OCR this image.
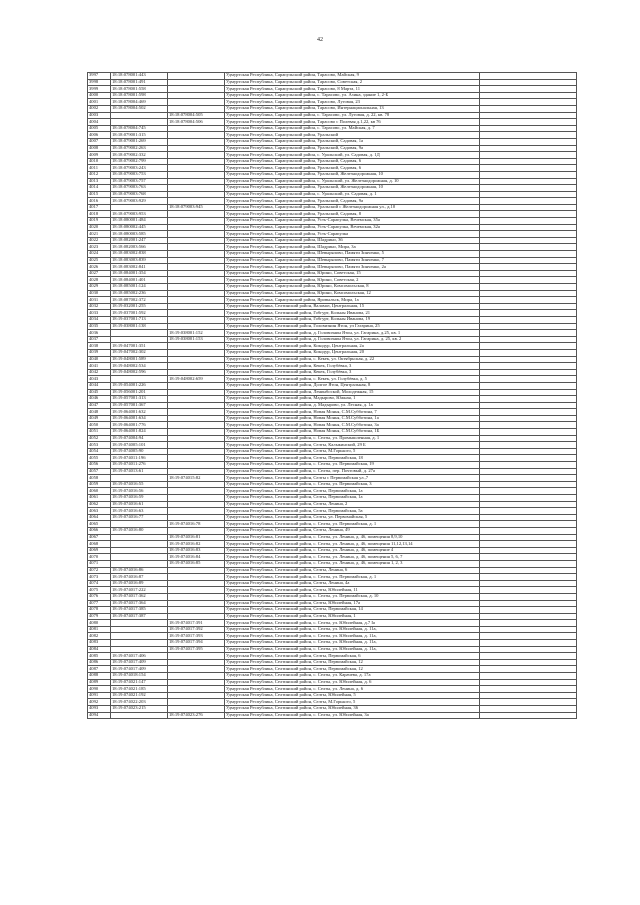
42
3997	18:18:078001:443		Удмуртская Республика, Сарапульский район, Тарасово, Майская, 9	
3998	18:18:078001:491		Удмуртская Республика, Сарапульский район, Тарасово, Советская, 2	
3999	18:18:078001:558		Удмуртская Республика, Сарапульский район, Тарасово, 8 Марта, 11	
4000	18:18:078001:598		Удмуртская Республика, Сарапульский район, с. Тарасово, ул. Азина, здание 1, 2-Б	
4001	18:18:078004:469		Удмуртская Республика, Сарапульский район, Тарасово, Луговая, 23	
4002	18:18:078004:502		Удмуртская Республика, Сарапульский район, Тарасово, Интернациональная, 13	
4003		18:18:078004:505	Удмуртская Республика, Сарапульский район, с. Тарасово, ул. Луговая, д. 22, кв. 78	
4004		18:18:078004:506	Удмуртская Республика, Сарапульский район, Тарасово с Полевая д.1,22, кв 76	
4005	18:18:078004:745		Удмуртская Республика, Сарапульский район, с. Тарасово, ул. Майская, д. 7	
4006	18:18:079001:315		Удмуртская Республика, Сарапульский район, Уральский	
4007	18:18:079001:269		Удмуртская Республика, Сарапульский район, Уральский, Садовая, 1а	
4008	18:18:079002:263		Удмуртская Республика, Сарапульский район, Уральский, Садовая, 9а	
4009	18:18:079002:332		Удмуртская Республика, Сарапульский район, с. Уральский, ул. Садовая, д. 1Д	
4010	18:18:079002:799		Удмуртская Республика, Сарапульский район, Уральский, Садовая, 6	
4011	18:18:079003:243		Удмуртская Республика, Сарапульский район, Уральский, Садовая, 6	
4012	18:18:079003:753		Удмуртская Республика, Сарапульский район, Уральский, Железнодорожная, 10	
4013	18:18:079003:757		Удмуртская Республика, Сарапульский район, с. Уральский, ул. Железнодорожная, д. 10	
4014	18:18:079003:763		Удмуртская Республика, Сарапульский район, Уральский, Железнодорожная, 10	
4015	18:18:079003:768		Удмуртская Республика, Сарапульский район, с. Уральский, ул. Садовая, д. 1	
4016	18:18:079003:929		Удмуртская Республика, Сарапульский район, Уральский, Садовая, 9а	
4017		18:18:079003:945	Удмуртская Республика, Сарапульский район, Уральский с Железнодорожная ул., д.10	
4018	18:18:079003:953		Удмуртская Республика, Сарапульский район, Уральский, Садовая, 8	
4019	18:18:080001:484		Удмуртская Республика, Сарапульский район, Усть-Сарапулка, Вечемская, 35а	
4020	18:18:080002:445		Удмуртская Республика, Сарапульский район, Усть-Сарапулка, Вечемская, 32а	
4021	18:18:080003:585		Удмуртская Республика, Сарапульский район, Усть-Сарапулка	
4022	18:18:082001:247		Удмуртская Республика, Сарапульский район, Шадрино, 36	
4023	18:18:082003:566		Удмуртская Республика, Сарапульский район, Шадрино, Мира, 3а	
4024	18:18:083002:838		Удмуртская Республика, Сарапульский район, Шевырялово, Памяти Зинченко, 5	
4025	18:18:083003:839		Удмуртская Республика, Сарапульский район, Шевырялово, Памяти Зинченко, 7	
4026	18:18:083002:841		Удмуртская Республика, Сарапульский район, Шевырялово, Памяти Зинченко, 2а	
4027	18:18:084001:354		Удмуртская Республика, Сарапульский район, Юрино, Советская, 15	
4028	18:18:084001:401		Удмуртская Республика, Сарапульский район, Юрино, Советская, 2	
4029	18:18:085001:124		Удмуртская Республика, Сарапульский район, Юрино, Комсомольская, 8	
4030	18:18:085002:236		Удмуртская Республика, Сарапульский район, Юрино, Комсомольская, 12	
4031	18:18:087002:372		Удмуртская Республика, Сарапульский район, Яровыльск, Мира, 1а	
4032	18:19:032001:255		Удмуртская Республика, Селтинский район, Валамаз, Центральная, 15	
4033	18:19:037001:592		Удмуртская Республика, Селтинский район, Гобгурт, Кольны Иванова, 21	
4034	18:19:037001:713		Удмуртская Республика, Селтинский район, Гобгурт, Кольны Иванова, 19	
4035	18:19:038001:138		Удмуртская Республика, Селтинский район, Головизнин Ятон, ул Гагарина, 25	
4036		18:19:038001:152	Удмуртская Республика, Селтинский район, д. Головизнин Ятон, ул. Гагарина, д.25, кв. 1	
4037		18:19:038001:153	Удмуртская Республика, Селтинский район, д. Головизнин Ятон, ул. Гагарина, д. 25, кв. 2	
4038	18:19:047001:351		Удмуртская Республика, Селтинский район, Кокодур, Центральная, 2а	
4039	18:19:047002:302		Удмуртская Республика, Селтинский район, Кокодур, Центральная, 20	
4040	18:19:048001:589		Удмуртская Республика, Селтинский район, с. Кекек, ул. Октябрьская, д. 22	
4041	18:19:048002:534		Удмуртская Республика, Селтинский район, Кекек, Голубёвка, 3	
4042	18:19:048002:596		Удмуртская Республика, Селтинский район, Кекек, Голубёвка, 3	
4043		18:19:048002:659	Удмуртская Республика, Селтинский район, с. Кекек, ул. Голубёвка, д. 5	
4044	18:19:054001:226		Удмуртская Республика, Селтинский район, Долгое Ятон, Центральная, 8	
4045	18:19:056001:201		Удмуртская Республика, Селтинский район, Ленинбоской, Молодежная, 15	
4046	18:19:057001:313		Удмуртская Республика, Селтинский район, Мадырово, Южная, 1	
4047	18:19:057001:367		Удмуртская Республика, Селтинский район, д. Мадырово, ул. Лесная, д. 1а	
4048	18:19:064001:632		Удмуртская Республика, Селтинский район, Новая Монья, С.М.Субботина, 7	
4049	18:19:064001:634		Удмуртская Республика, Селтинский район, Новая Монья, С.М.Субботина, 1а	
4050	18:19:064001:776		Удмуртская Республика, Селтинский район, Новая Монья, С.М.Субботина, 3а	
4051	18:19:064001:824		Удмуртская Республика, Селтинский район, Новая Монья, С.М.Субботина, 1Б	
4052	18:19:074004:94		Удмуртская Республика, Селтинский район, с. Селты, ул. Промышленная, д. 1	
4053	18:19:074005:101		Удмуртская Республика, Селтинский район, Селты, Калыкинский, 29 Б	
4054	18:19:074005:90		Удмуртская Республика, Селтинский район, Селты, М.Горького, 5	
4055	18:19:074011:196		Удмуртская Республика, Селтинский район, Селты, Первомайская, 18	
4056	18:19:074011:276		Удмуртская Республика, Селтинский район, с. Селты, ул. Первомайская, 19	
4057	18:19:074013:61		Удмуртская Республика, Селтинский район, с. Селты, пер. Почтовый, д. 27а	
4058		18:19:074015:82	Удмуртская Республика, Селтинский район, Селты с Первомайская ул.,7	
4059	18:19:074016:55		Удмуртская Республика, Селтинский район, с. Селты, ул. Первомайская, 3	
4060	18:19:074016:56		Удмуртская Республика, Селтинский район, Селты, Первомайская, 1а	
4061	18:19:074016:59		Удмуртская Республика, Селтинский район, Селты, Первомайская, 1а	
4062	18:19:074016:61		Удмуртская Республика, Селтинский район, Селты, Ленина, 2	
4063	18:19:074016:63		Удмуртская Республика, Селтинский район, Селты, Первомайская, 5а	
4064	18:19:074016:77		Удмуртская Республика, Селтинский район, Селты, ул. Первомайская, 5	
4065		18:19:074016:78	Удмуртская Республика, Селтинский район, с. Селты, ул. Первомайская, д. 1	
4066	18:19:074016:80		Удмуртская Республика, Селтинский район, Селты, Ленина, 49	
4067		18:19:074016:81	Удмуртская Республика, Селтинский район, с. Селты, ул. Ленина, д. 46, помещения 8,9,10	
4068		18:19:074016:82	Удмуртская Республика, Селтинский район, с. Селты, ул. Ленина, д. 46, помещения 11,12,13,14	
4069		18:19:074016:83	Удмуртская Республика, Селтинский район, с. Селты, ул. Ленина, д. 46, помещение 4	
4070		18:19:074016:84	Удмуртская Республика, Селтинский район, с. Селты, ул. Ленина, д. 46, помещения 5, 6, 7	
4071		18:19:074016:85	Удмуртская Республика, Селтинский район, с. Селты, ул. Ленина, д. 46, помещения 1, 2, 3	
4072	18:19:074016:86		Удмуртская Республика, Селтинский район, Селты, Ленина, 6	
4073	18:19:074016:87		Удмуртская Республика, Селтинский район, с. Селты, ул. Первомайская, д. 1	
4074	18:19:074016:89		Удмуртская Республика, Селтинский район, Селты, Ленина, 4а	
4075	18:19:074017:222		Удмуртская Республика, Селтинский район, Селты, Юбилейная, 11	
4076	18:19:074017:362		Удмуртская Республика, Селтинский район, с. Селты, ул. Первомайская, д. 10	
4077	18:19:074017:364		Удмуртская Республика, Селтинский район, Селты, Юбилейная, 17а	
4078	18:19:074017:385		Удмуртская Республика, Селтинский район, Селты, Первомайская, 14	
4079	18:19:074017:387		Удмуртская Республика, Селтинский район, Селты, Юбилейная, 1	
4080		18:19:074017:391	Удмуртская Республика, Селтинский район, с. Селты, ул. Юбилейная, д.7 Iа	
4081		18:19:074017:392	Удмуртская Республика, Селтинский район, с. Селты, ул. Юбилейная, д. 11а,	
4082		18:19:074017:393	Удмуртская Республика, Селтинский район, с. Селты, ул. Юбилейная, д. 11а,	
4083		18:19:074017:394	Удмуртская Республика, Селтинский район, с. Селты, ул. Юбилейная, д. 11а,	
4084		18:19:074017:395	Удмуртская Республика, Селтинский район, с. Селты, ул. Юбилейная, д. 11а,	
4085	18:19:074017:406		Удмуртская Республика, Селтинский район, Селты, Первомайская, 6	
4086	18:19:074017:409		Удмуртская Республика, Селтинский район, Селты, Первомайская, 12	
4087	18:19:074017:409		Удмуртская Республика, Селтинский район, Селты, Первомайская, 12	
4088	18:19:074018:154		Удмуртская Республика, Селтинский район, с. Селты, ул. Карачева, д. 17а	
4089	18:19:074021:147		Удмуртская Республика, Селтинский район, с. Селты, ул. Юбилейная, д. 6	
4090	18:19:074021:185		Удмуртская Республика, Селтинский район, с. Селты, ул. Ленина, д. 6	
4091	18:19:074021:192		Удмуртская Республика, Селтинский район, Селты, Юбилейная, 5	
4092	18:19:074022:203		Удмуртская Республика, Селтинский район, Селты, М.Горького, 5	
4093	18:19:074023:215		Удмуртская Республика, Селтинский район, Селты, Юбилейная, 36	
4094		18:19:074023:276	Удмуртская Республика, Селтинский район, с. Селты, ул. Юбилейная, 3а	
